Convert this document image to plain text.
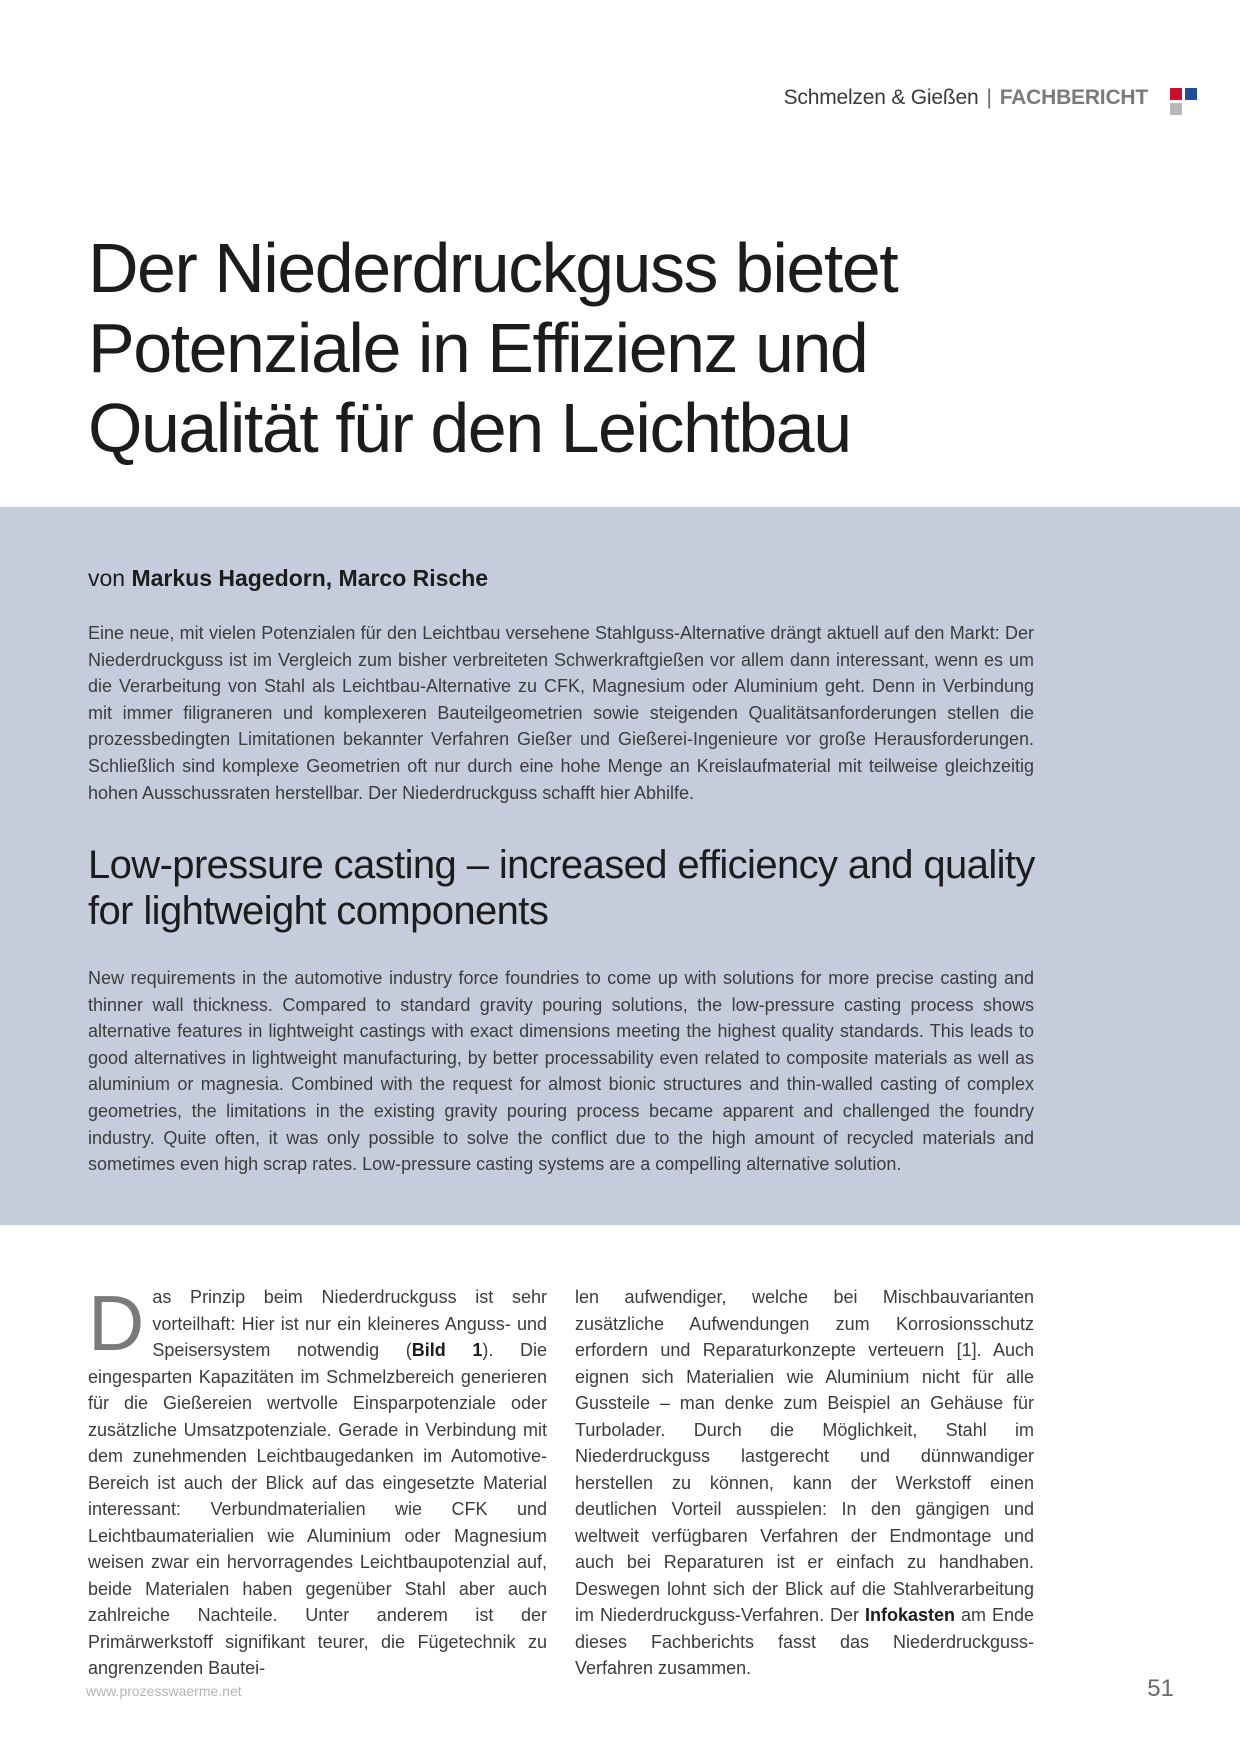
Schmelzen & Gießen | FACHBERICHT
Der Niederdruckguss bietet
Potenziale in Effizienz und
Qualität für den Leichtbau
von Markus Hagedorn, Marco Rische

Eine neue, mit vielen Potenzialen für den Leichtbau versehene Stahlguss-Alternative drängt aktuell auf den Markt: Der Niederdruckguss ist im Vergleich zum bisher verbreiteten Schwerkraftgießen vor allem dann interessant, wenn es um die Verarbeitung von Stahl als Leichtbau-Alternative zu CFK, Magnesium oder Aluminium geht. Denn in Verbindung mit immer filigraneren und komplexeren Bauteilgeometrien sowie steigenden Qualitätsanforderungen stellen die prozessbedingten Limitationen bekannter Verfahren Gießer und Gießerei-Ingenieure vor große Herausforderungen. Schließlich sind komplexe Geometrien oft nur durch eine hohe Menge an Kreislaufmaterial mit teilweise gleichzeitig hohen Ausschussraten herstellbar. Der Niederdruckguss schafft hier Abhilfe.

Low-pressure casting – increased efficiency and quality
for lightweight components

New requirements in the automotive industry force foundries to come up with solutions for more precise casting and thinner wall thickness. Compared to standard gravity pouring solutions, the low-pressure casting process shows alternative features in lightweight castings with exact dimensions meeting the highest quality standards. This leads to good alternatives in lightweight manufacturing, by better processability even related to composite materials as well as aluminium or magnesia. Combined with the request for almost bionic structures and thin-walled casting of complex geometries, the limitations in the existing gravity pouring process became apparent and challenged the foundry industry. Quite often, it was only possible to solve the conflict due to the high amount of recycled materials and sometimes even high scrap rates. Low-pressure casting systems are a compelling alternative solution.

Das Prinzip beim Niederdruckguss ist sehr vorteilhaft: Hier ist nur ein kleineres Anguss- und Speisersystem notwendig (Bild 1). Die eingesparten Kapazitäten im Schmelzbereich generieren für die Gießereien wertvolle Einsparpotenziale oder zusätzliche Umsatzpotenziale. Gerade in Verbindung mit dem zunehmenden Leichtbaugedanken im Automotive-Bereich ist auch der Blick auf das eingesetzte Material interessant: Verbundmaterialien wie CFK und Leichtbaumaterialien wie Aluminium oder Magnesium weisen zwar ein hervorragendes Leichtbaupotenzial auf, beide Materialen haben gegenüber Stahl aber auch zahlreiche Nachteile. Unter anderem ist der Primärwerkstoff signifikant teurer, die Fügetechnik zu angrenzenden Bautei-

len aufwendiger, welche bei Mischbauvarianten zusätzliche Aufwendungen zum Korrosionsschutz erfordern und Reparaturkonzepte verteuern [1]. Auch eignen sich Materialien wie Aluminium nicht für alle Gussteile – man denke zum Beispiel an Gehäuse für Turbolader. Durch die Möglichkeit, Stahl im Niederdruckguss lastgerecht und dünnwandiger herstellen zu können, kann der Werkstoff einen deutlichen Vorteil ausspielen: In den gängigen und weltweit verfügbaren Verfahren der Endmontage und auch bei Reparaturen ist er einfach zu handhaben. Deswegen lohnt sich der Blick auf die Stahlverarbeitung im Niederdruckguss-Verfahren. Der Infokasten am Ende dieses Fachberichts fasst das Niederdruckguss-Verfahren zusammen.

www.prozesswaerme.net	51
